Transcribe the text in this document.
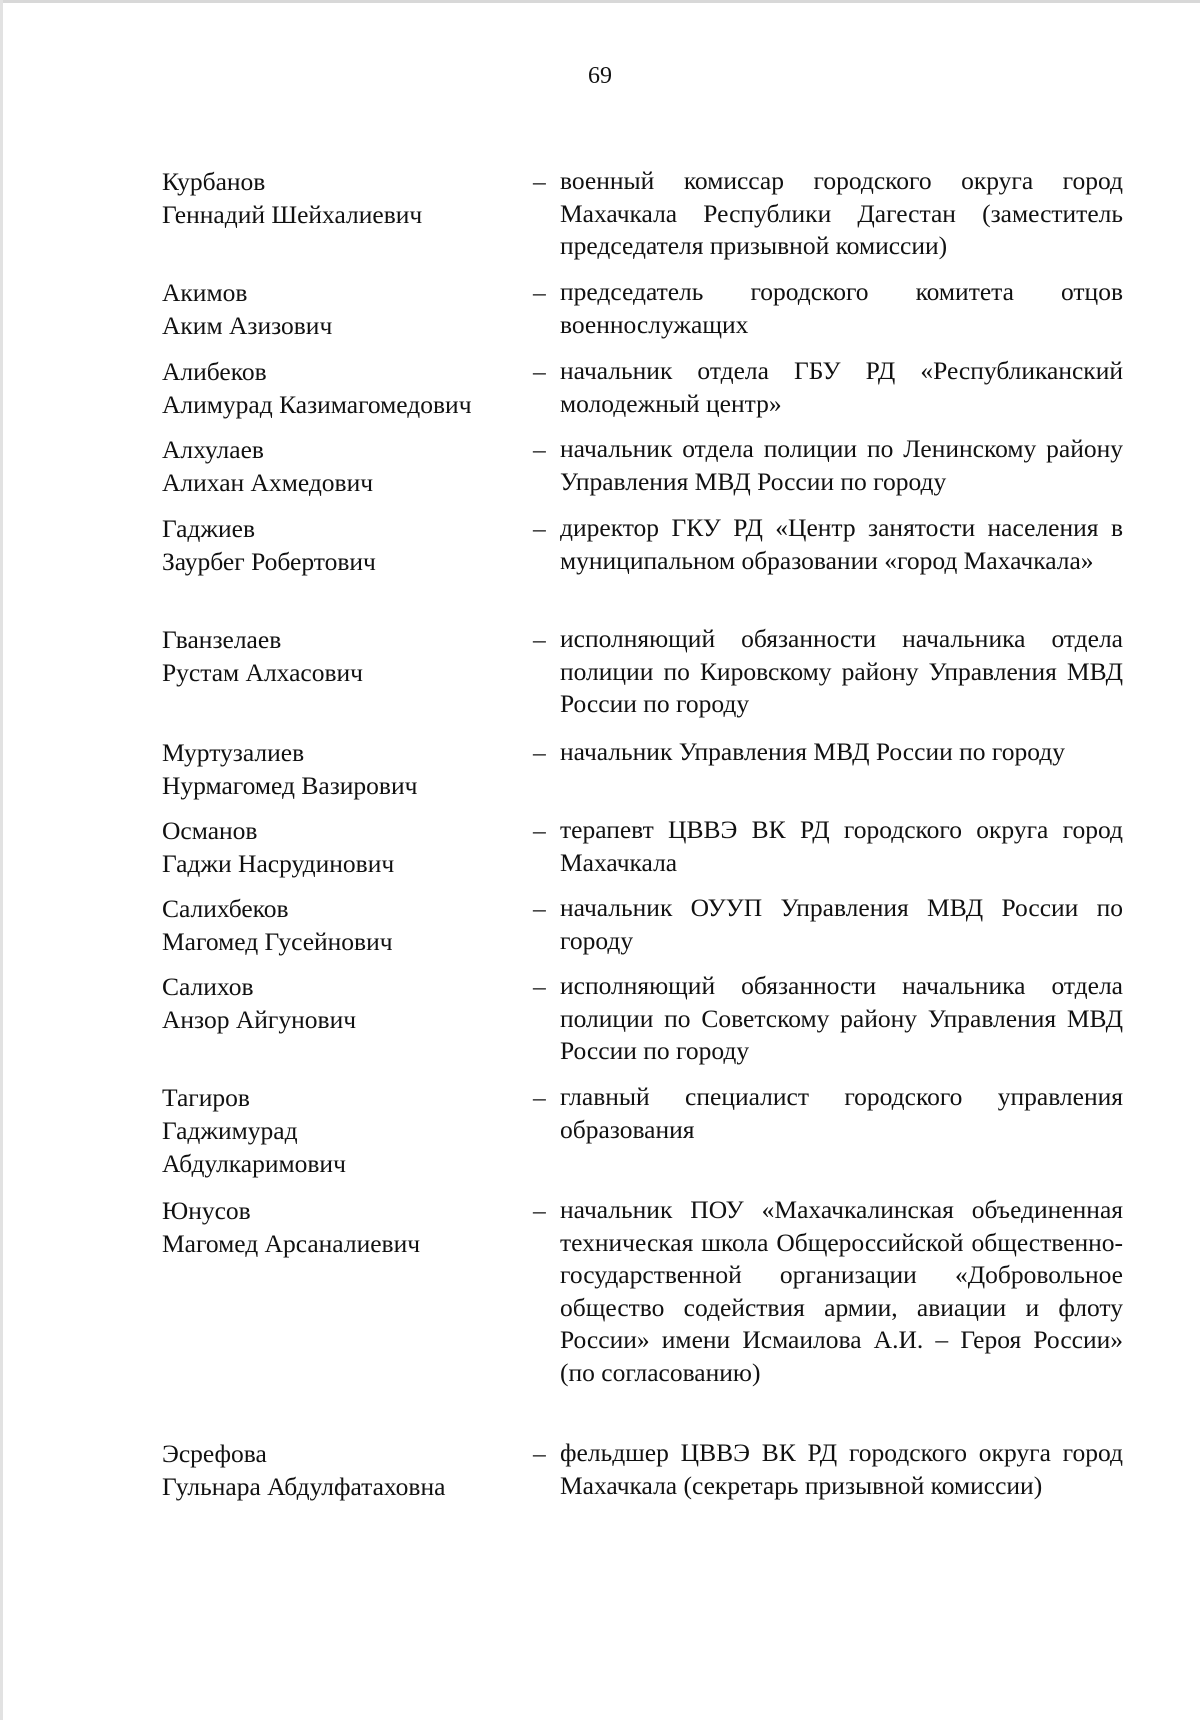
69
Курбанов
Геннадий Шейхалиевич
– военный комиссар городского округа город Махачкала Республики Дагестан (заместитель председателя призывной комиссии)
Акимов
Аким Азизович
– председатель городского комитета отцов военнослужащих
Алибеков
Алимурад Казимагомедович
– начальник отдела ГБУ РД «Республиканский молодежный центр»
Алхулаев
Алихан Ахмедович
– начальник отдела полиции по Ленинскому району Управления МВД России по городу
Гаджиев
Заурбег Робертович
– директор ГКУ РД «Центр занятости населения в муниципальном образовании «город Махачкала»
Гванзелаев
Рустам Алхасович
– исполняющий обязанности начальника отдела полиции по Кировскому району Управления МВД России по городу
Муртузалиев
Нурмагомед Вазирович
– начальник Управления МВД России по городу
Османов
Гаджи Насрудинович
– терапевт ЦВВЭ ВК РД городского округа город Махачкала
Салихбеков
Магомед Гусейнович
– начальник ОУУП Управления МВД России по городу
Салихов
Анзор Айгунович
– исполняющий обязанности начальника отдела полиции по Советскому району Управления МВД России по городу
Тагиров
Гаджимурад
Абдулкаримович
– главный специалист городского управления образования
Юнусов
Магомед Арсаналиевич
– начальник ПОУ «Махачкалинская объединенная техническая школа Общероссийской общественно-государственной организации «Добровольное общество содействия армии, авиации и флоту России» имени Исмаилова А.И. – Героя России» (по согласованию)
Эсрефова
Гульнара Абдулфатаховна
– фельдшер ЦВВЭ ВК РД городского округа город Махачкала (секретарь призывной комиссии)
